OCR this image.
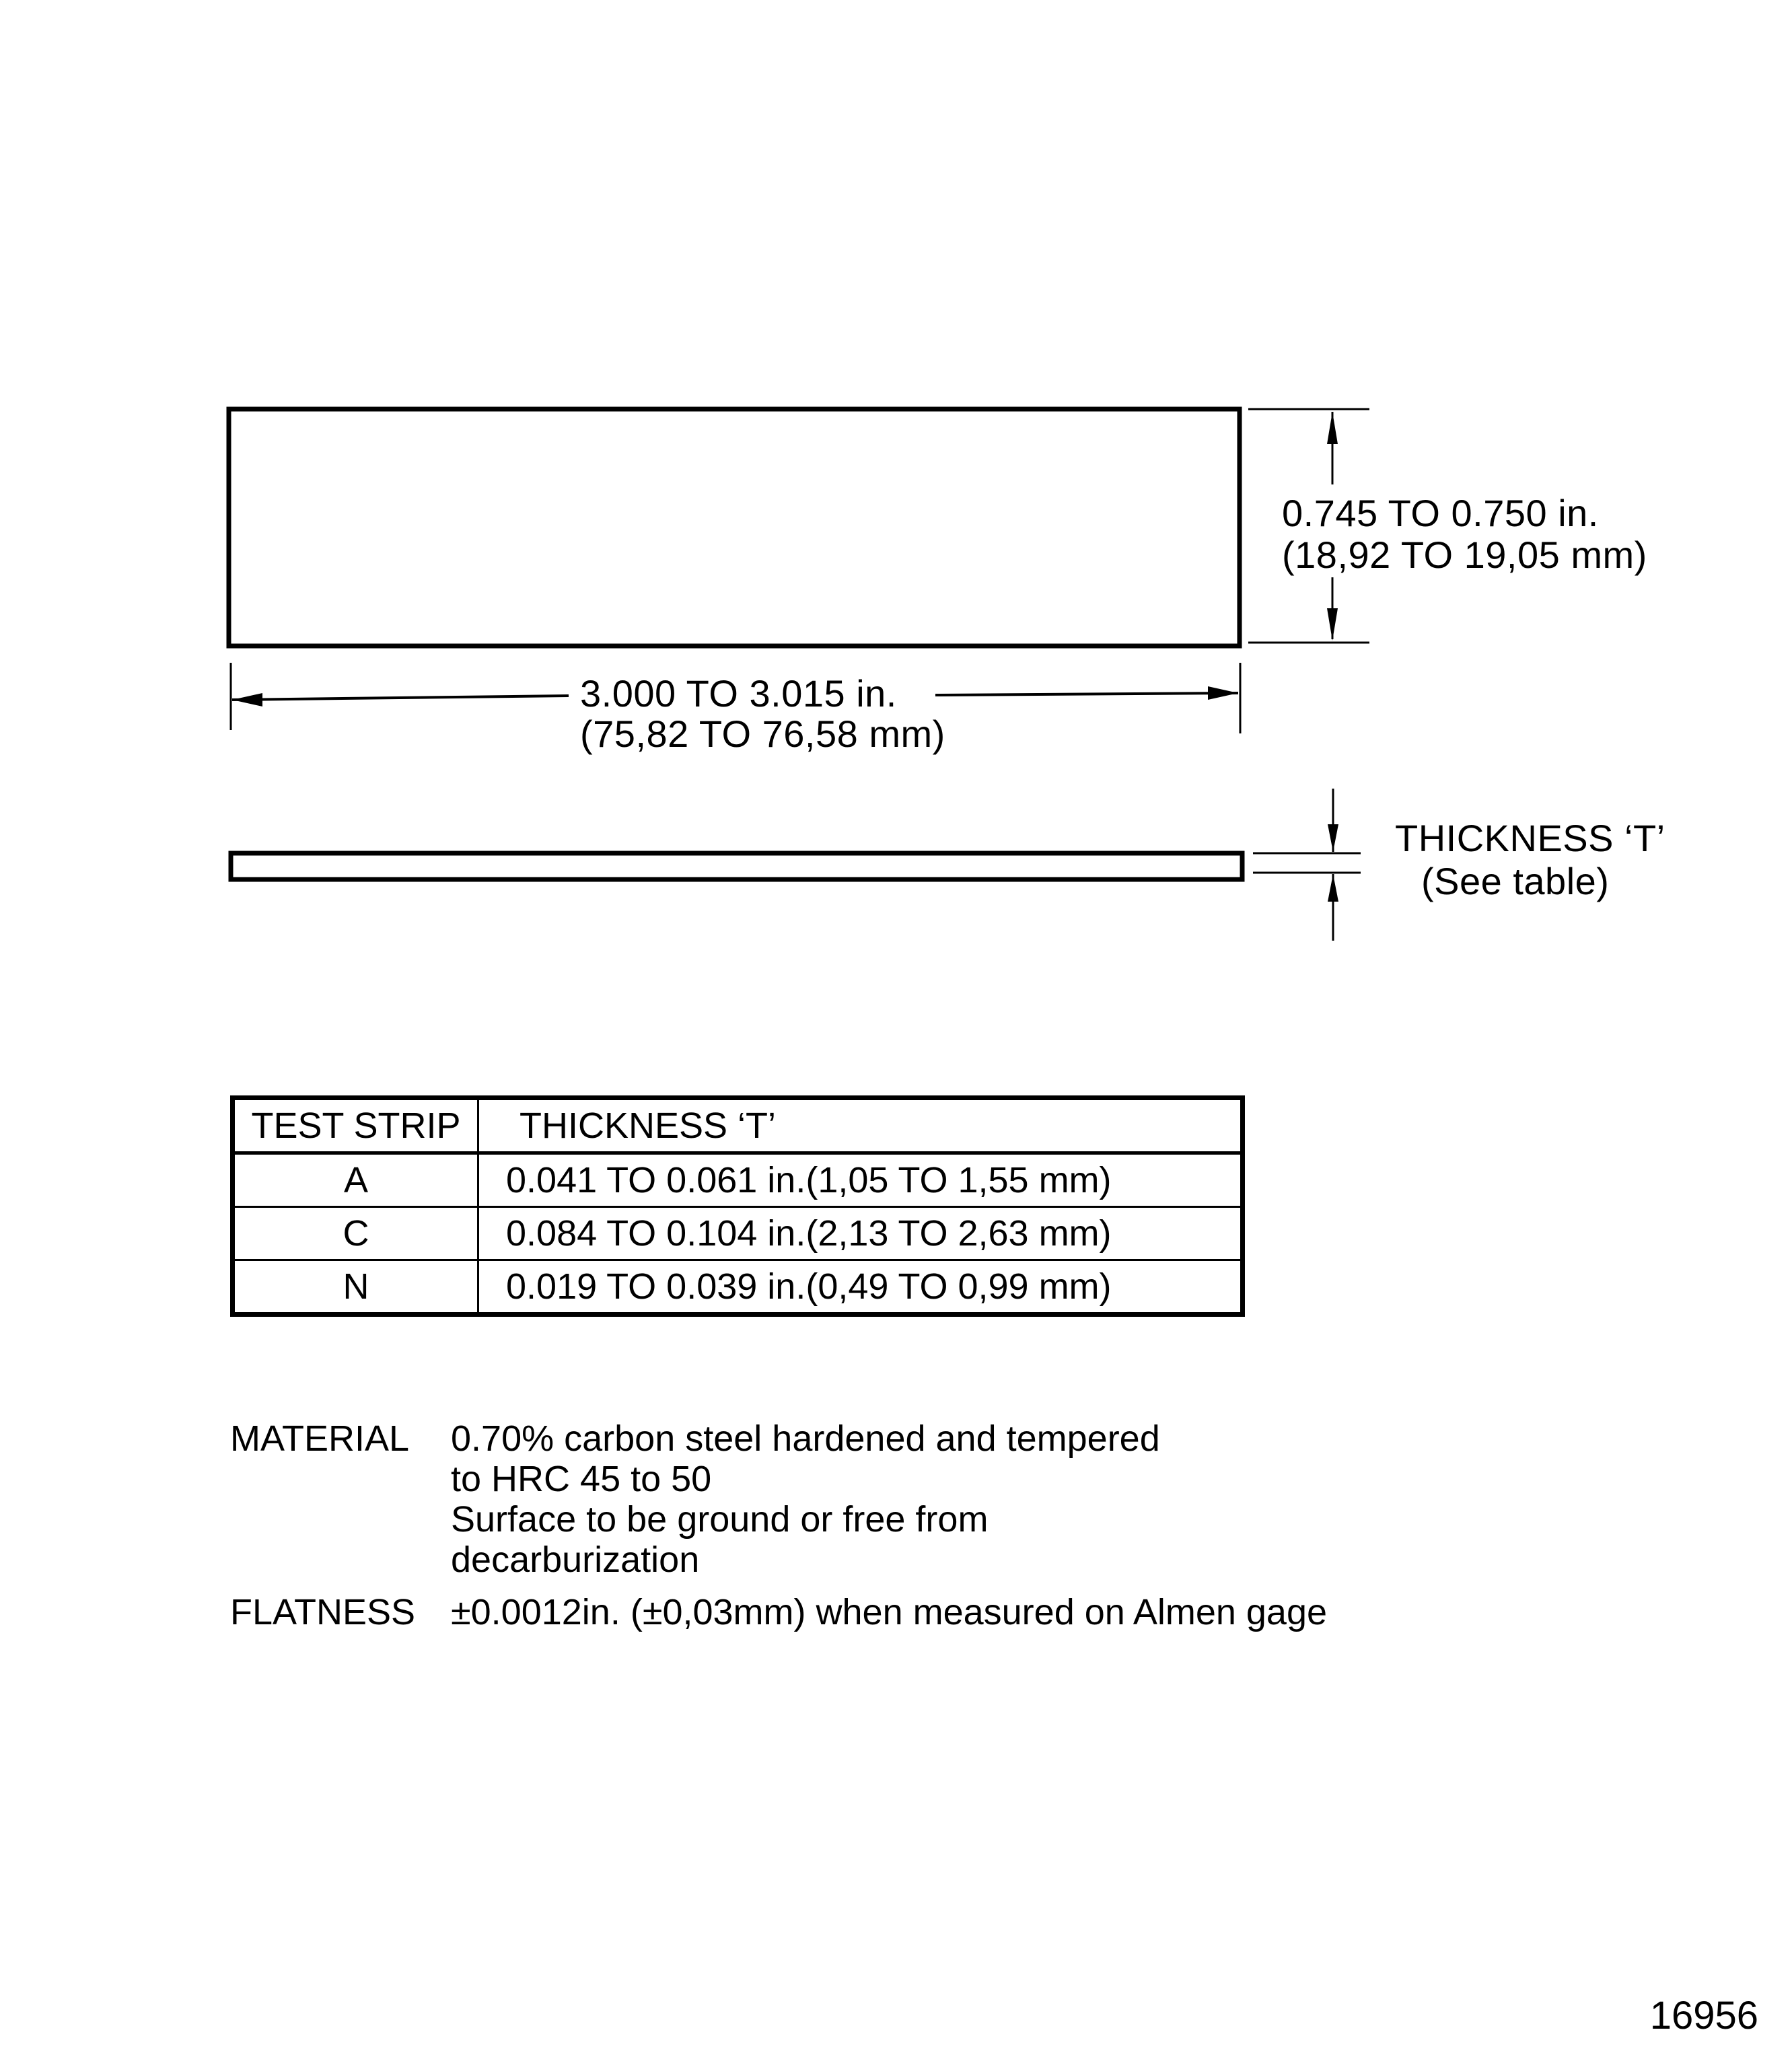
0.745 TO 0.750 in.
(18,92 TO 19,05 mm)
3.000 TO 3.015 in.
(75,82 TO 76,58 mm)
THICKNESS ‘T’
(See table)
TEST STRIP	THICKNESS ‘T’
A	0.041 TO 0.061 in.(1,05 TO 1,55 mm)
C	0.084 TO 0.104 in.(2,13 TO 2,63 mm)
N	0.019 TO 0.039 in.(0,49 TO 0,99 mm)
MATERIAL	0.70% carbon steel hardened and tempered
to HRC 45 to 50
Surface to be ground or free from
decarburization
FLATNESS ±0.0012in. (±0,03mm) when measured on Almen gage
16956
